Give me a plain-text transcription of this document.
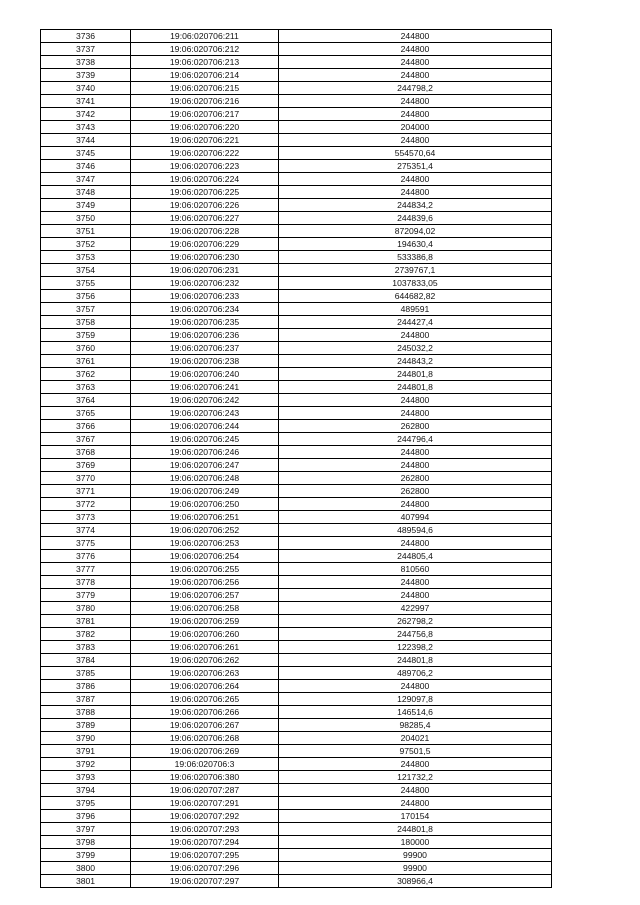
3736	19:06:020706:211	244800
3737	19:06:020706:212	244800
3738	19:06:020706:213	244800
3739	19:06:020706:214	244800
3740	19:06:020706:215	244798,2
3741	19:06:020706:216	244800
3742	19:06:020706:217	244800
3743	19:06:020706:220	204000
3744	19:06:020706:221	244800
3745	19:06:020706:222	554570,64
3746	19:06:020706:223	275351,4
3747	19:06:020706:224	244800
3748	19:06:020706:225	244800
3749	19:06:020706:226	244834,2
3750	19:06:020706:227	244839,6
3751	19:06:020706:228	872094,02
3752	19:06:020706:229	194630,4
3753	19:06:020706:230	533386,8
3754	19:06:020706:231	2739767,1
3755	19:06:020706:232	1037833,05
3756	19:06:020706:233	644682,82
3757	19:06:020706:234	489591
3758	19:06:020706:235	244427,4
3759	19:06:020706:236	244800
3760	19:06:020706:237	245032,2
3761	19:06:020706:238	244843,2
3762	19:06:020706:240	244801,8
3763	19:06:020706:241	244801,8
3764	19:06:020706:242	244800
3765	19:06:020706:243	244800
3766	19:06:020706:244	262800
3767	19:06:020706:245	244796,4
3768	19:06:020706:246	244800
3769	19:06:020706:247	244800
3770	19:06:020706:248	262800
3771	19:06:020706:249	262800
3772	19:06:020706:250	244800
3773	19:06:020706:251	407994
3774	19:06:020706:252	489594,6
3775	19:06:020706:253	244800
3776	19:06:020706:254	244805,4
3777	19:06:020706:255	810560
3778	19:06:020706:256	244800
3779	19:06:020706:257	244800
3780	19:06:020706:258	422997
3781	19:06:020706:259	262798,2
3782	19:06:020706:260	244756,8
3783	19:06:020706:261	122398,2
3784	19:06:020706:262	244801,8
3785	19:06:020706:263	489706,2
3786	19:06:020706:264	244800
3787	19:06:020706:265	129097,8
3788	19:06:020706:266	146514,6
3789	19:06:020706:267	98285,4
3790	19:06:020706:268	204021
3791	19:06:020706:269	97501,5
3792	19:06:020706:3	244800
3793	19:06:020706:380	121732,2
3794	19:06:020707:287	244800
3795	19:06:020707:291	244800
3796	19:06:020707:292	170154
3797	19:06:020707:293	244801,8
3798	19:06:020707:294	180000
3799	19:06:020707:295	99900
3800	19:06:020707:296	99900
3801	19:06:020707:297	308966,4
